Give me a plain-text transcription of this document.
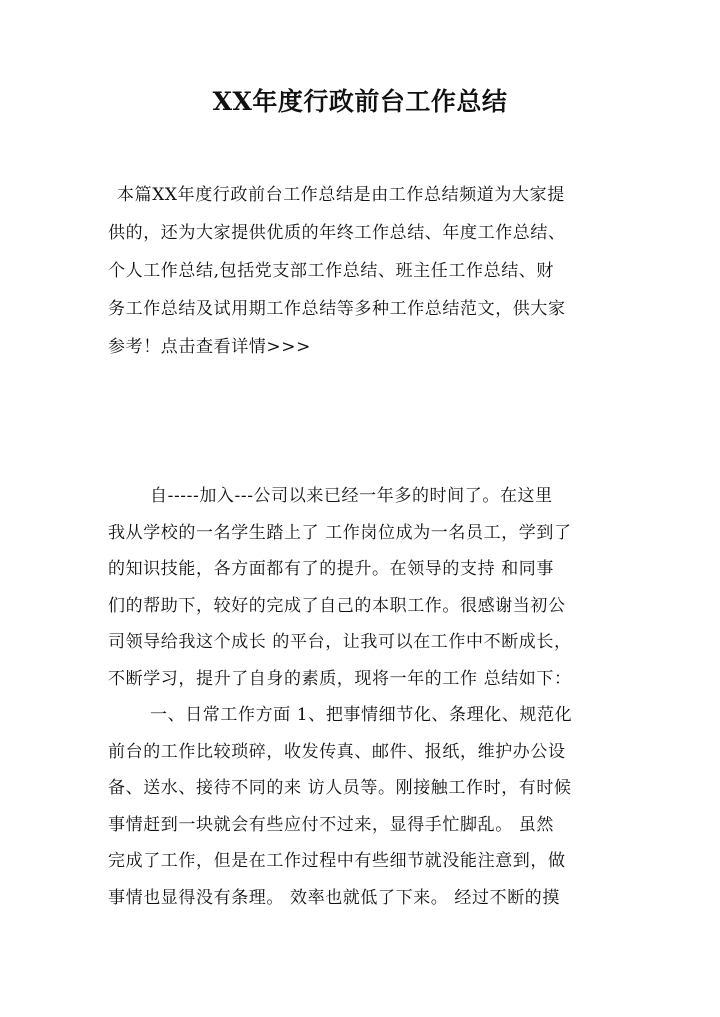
XX年度行政前台工作总结
本篇XX年度行政前台工作总结是由工作总结频道为大家提
供的，还为大家提供优质的年终工作总结、年度工作总结、
个人工作总结,包括党支部工作总结、班主任工作总结、财
务工作总结及试用期工作总结等多种工作总结范文，供大家
参考！点击查看详情>>>
自-----加入---公司以来已经一年多的时间了。在这里
我从学校的一名学生踏上了 工作岗位成为一名员工，学到了
的知识技能，各方面都有了的提升。在领导的支持 和同事
们的帮助下，较好的完成了自己的本职工作。很感谢当初公
司领导给我这个成长 的平台，让我可以在工作中不断成长，
不断学习，提升了自身的素质，现将一年的工作 总结如下：
一、日常工作方面 1、把事情细节化、条理化、规范化
前台的工作比较琐碎，收发传真、邮件、报纸，维护办公设
备、送水、接待不同的来 访人员等。刚接触工作时，有时候
事情赶到一块就会有些应付不过来，显得手忙脚乱。 虽然
完成了工作，但是在工作过程中有些细节就没能注意到，做
事情也显得没有条理。 效率也就低了下来。 经过不断的摸
